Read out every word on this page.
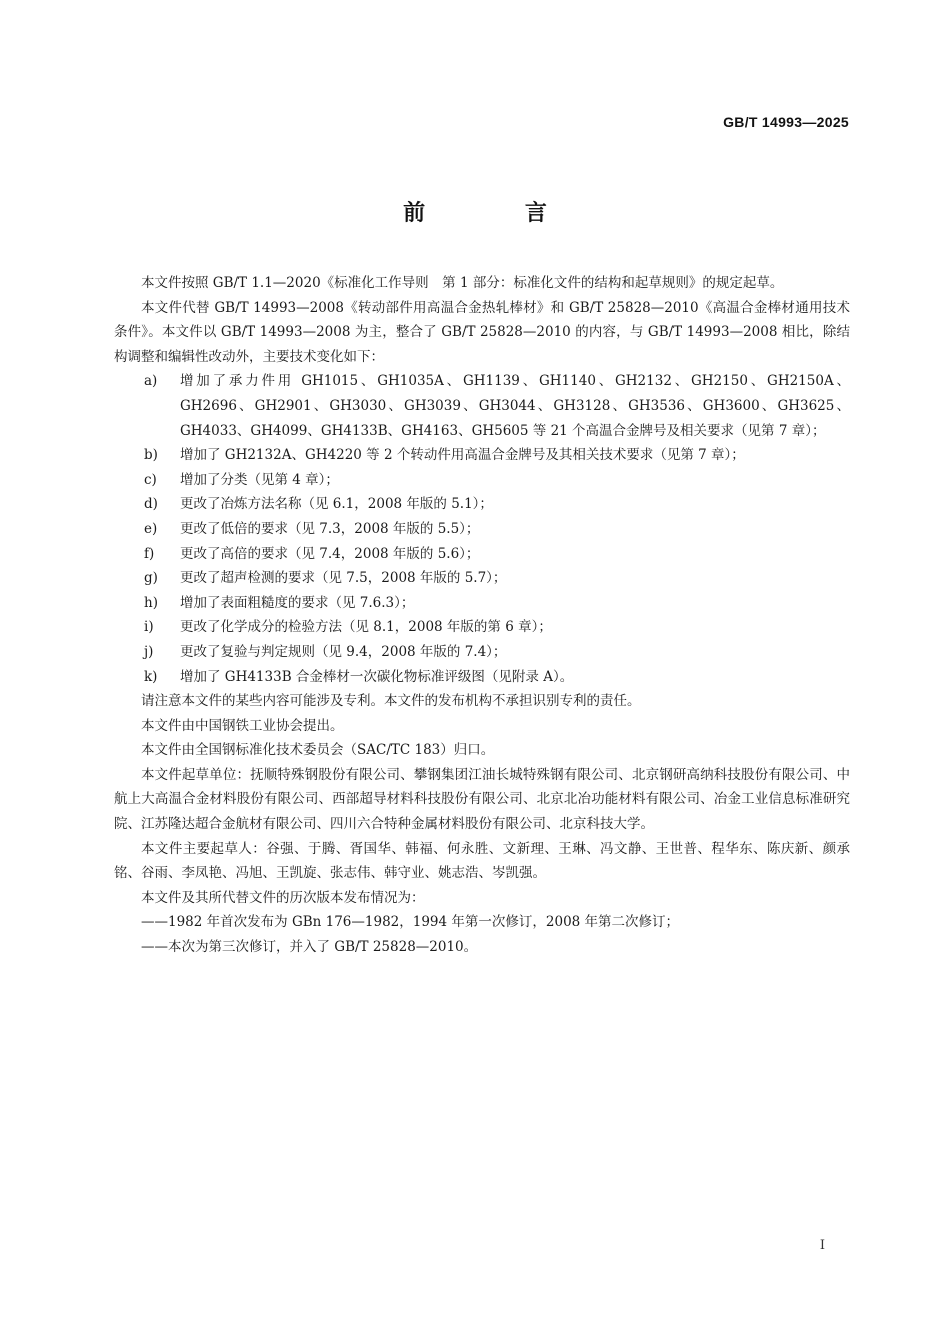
GB/T 14993—2025
前 言

本文件按照 GB/T 1.1—2020《标准化工作导则　第 1 部分：标准化文件的结构和起草规则》的规定起草。

本文件代替 GB/T 14993—2008《转动部件用高温合金热轧棒材》和 GB/T 25828—2010《高温合金棒材通用技术条件》。本文件以 GB/T 14993—2008 为主，整合了 GB/T 25828—2010 的内容，与 GB/T 14993—2008 相比，除结构调整和编辑性改动外，主要技术变化如下：

a)	增加了承力件用 GH1015、GH1035A、GH1139、GH1140、GH2132、GH2150、GH2150A、GH2696、GH2901、GH3030、GH3039、GH3044、GH3128、GH3536、GH3600、GH3625、GH4033、GH4099、GH4133B、GH4163、GH5605 等 21 个高温合金牌号及相关要求（见第 7 章）；
b)	增加了 GH2132A、GH4220 等 2 个转动件用高温合金牌号及其相关技术要求（见第 7 章）；
c)	增加了分类（见第 4 章）；
d)	更改了冶炼方法名称（见 6.1，2008 年版的 5.1）；
e)	更改了低倍的要求（见 7.3，2008 年版的 5.5）；
f)	更改了高倍的要求（见 7.4，2008 年版的 5.6）；
g)	更改了超声检测的要求（见 7.5，2008 年版的 5.7）；
h)	增加了表面粗糙度的要求（见 7.6.3）；
i)	更改了化学成分的检验方法（见 8.1，2008 年版的第 6 章）；
j)	更改了复验与判定规则（见 9.4，2008 年版的 7.4）；
k)	增加了 GH4133B 合金棒材一次碳化物标准评级图（见附录 A）。

请注意本文件的某些内容可能涉及专利。本文件的发布机构不承担识别专利的责任。

本文件由中国钢铁工业协会提出。

本文件由全国钢标准化技术委员会（SAC/TC 183）归口。

本文件起草单位：抚顺特殊钢股份有限公司、攀钢集团江油长城特殊钢有限公司、北京钢研高纳科技股份有限公司、中航上大高温合金材料股份有限公司、西部超导材料科技股份有限公司、北京北冶功能材料有限公司、冶金工业信息标准研究院、江苏隆达超合金航材有限公司、四川六合特种金属材料股份有限公司、北京科技大学。

本文件主要起草人：谷强、于腾、胥国华、韩福、何永胜、文新理、王琳、冯文静、王世普、程华东、陈庆新、颜承铭、谷雨、李凤艳、冯旭、王凯旋、张志伟、韩守业、姚志浩、岑凯强。

本文件及其所代替文件的历次版本发布情况为：

——1982 年首次发布为 GBn 176—1982，1994 年第一次修订，2008 年第二次修订；

——本次为第三次修订，并入了 GB/T 25828—2010。

I
